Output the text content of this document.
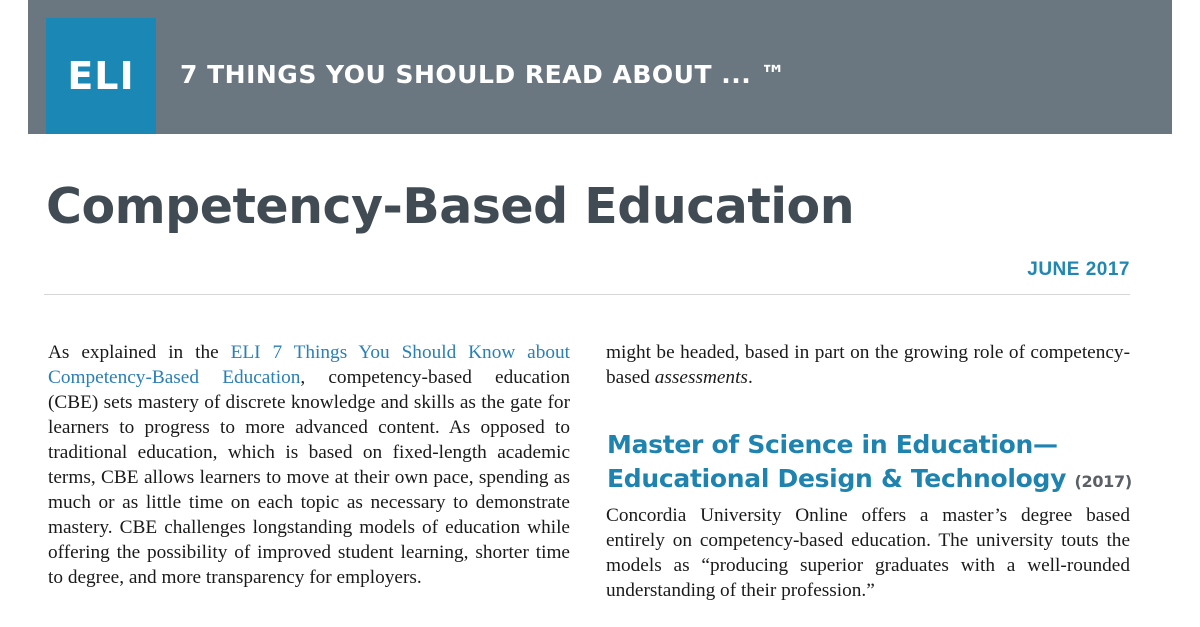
ELI 7 THINGS YOU SHOULD READ ABOUT ... ™
Competency-Based Education
JUNE 2017

As explained in the ELI 7 Things You Should Know about Competency-Based Education, competency-based education (CBE) sets mastery of discrete knowledge and skills as the gate for learners to progress to more advanced content. As opposed to traditional education, which is based on fixed-length academic terms, CBE allows learners to move at their own pace, spending as much or as little time on each topic as necessary to demonstrate mastery. CBE challenges longstanding models of education while offering the possibility of improved student learning, shorter time to degree, and more transparency for employers.

might be headed, based in part on the growing role of competency-based assessments.

Master of Science in Education—
Educational Design & Technology (2017)

Concordia University Online offers a master’s degree based entirely on competency-based education. The university touts the models as “producing superior graduates with a well-rounded understanding of their profession.”
